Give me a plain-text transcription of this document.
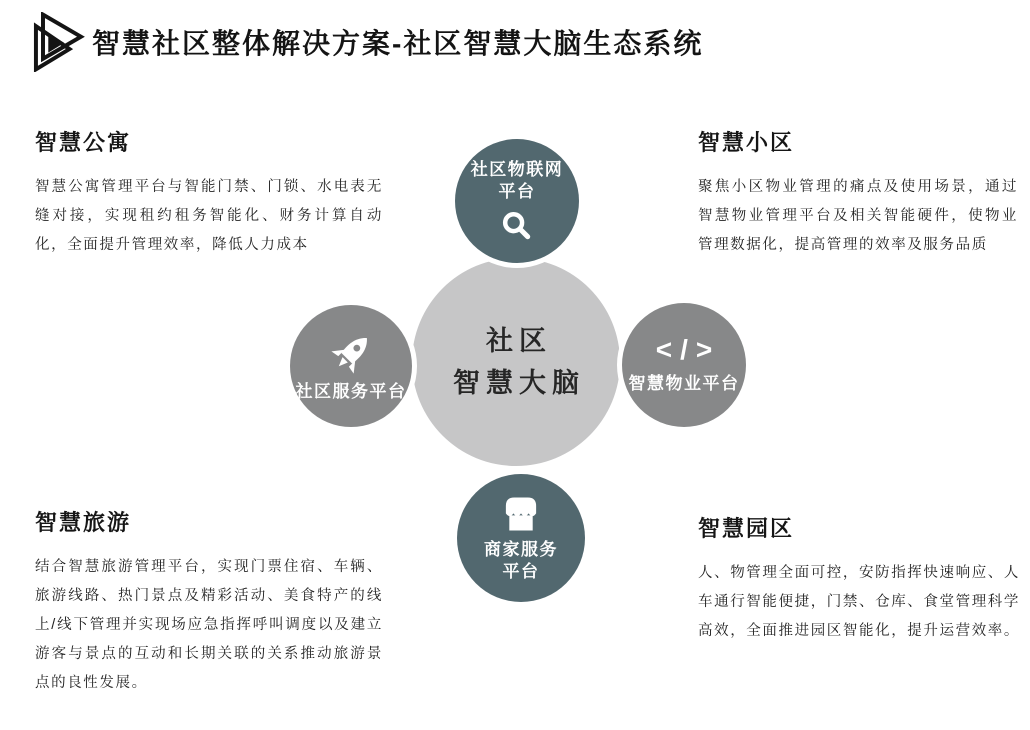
智慧社区整体解决方案-社区智慧大脑生态系统
智慧公寓
智慧公寓管理平台与智能门禁、门锁、水电表无缝对接，实现租约租务智能化、财务计算自动化，全面提升管理效率，降低人力成本
智慧小区
聚焦小区物业管理的痛点及使用场景，通过智慧物业管理平台及相关智能硬件，使物业管理数据化，提高管理的效率及服务品质
智慧旅游
结合智慧旅游管理平台，实现门票住宿、车辆、旅游线路、热门景点及精彩活动、美食特产的线上/线下管理并实现场应急指挥呼叫调度以及建立游客与景点的互动和长期关联的关系推动旅游景点的良性发展。
智慧园区
人、物管理全面可控，安防指挥快速响应、人车通行智能便捷，门禁、仓库、食堂管理科学高效，全面推进园区智能化，提升运营效率。
社区
智慧大脑
社区物联网
平台
社区服务平台
</>
智慧物业平台
商家服务
平台
